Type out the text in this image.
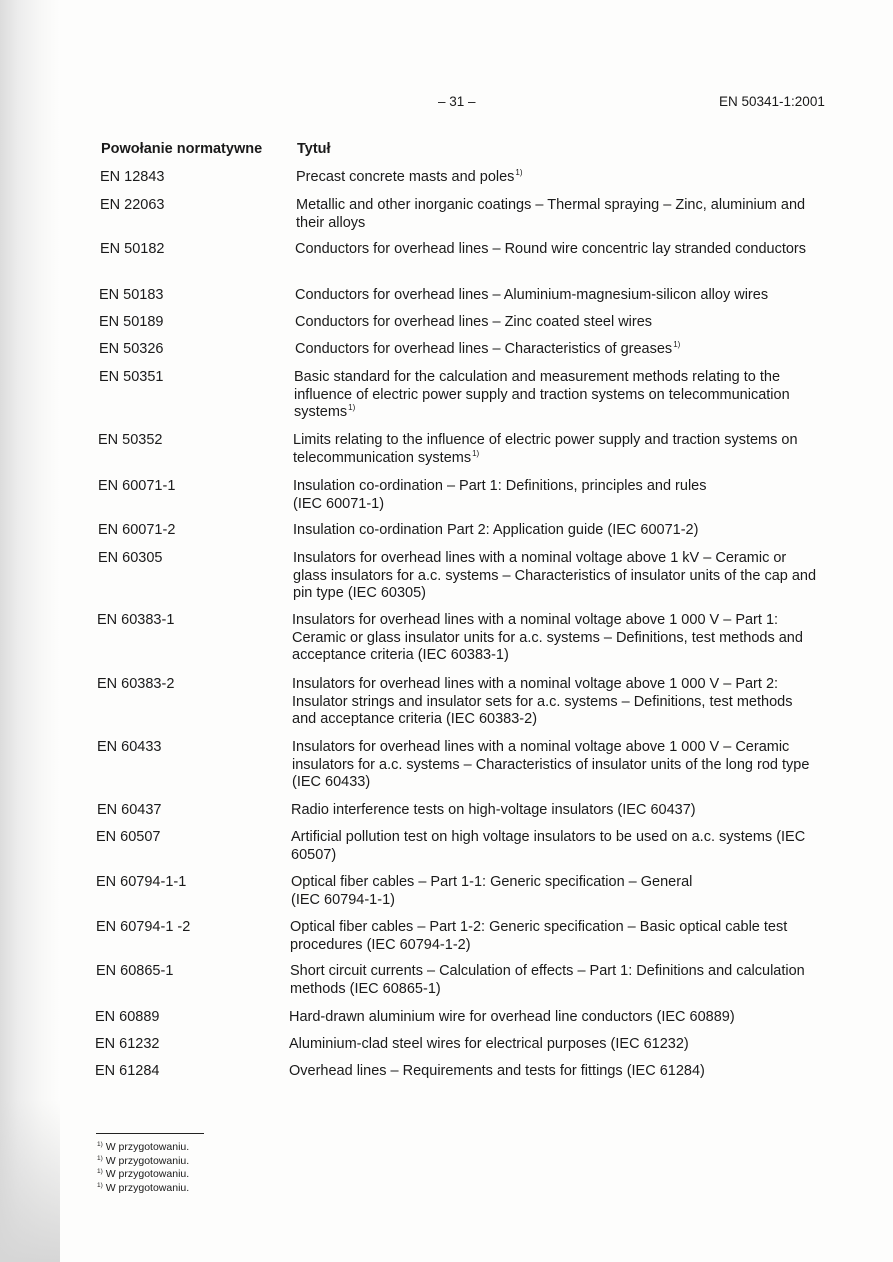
– 31 –	EN 50341-1:2001
Powołanie normatywne Tytuł
EN 12843	Precast concrete masts and poles$^{1)}$
EN 22063	Metallic and other inorganic coatings – Thermal spraying – Zinc, aluminium and their alloys
EN 50182	Conductors for overhead lines – Round wire concentric lay stranded conductors
EN 50183	Conductors for overhead lines – Aluminium-magnesium-silicon alloy wires
EN 50189	Conductors for overhead lines – Zinc coated steel wires
EN 50326	Conductors for overhead lines – Characteristics of greases$^{1)}$
EN 50351	Basic standard for the calculation and measurement methods relating to the influence of electric power supply and traction systems on telecommunication systems$^{1)}$
EN 50352	Limits relating to the influence of electric power supply and traction systems on telecommunication systems$^{1)}$
EN 60071-1	Insulation co-ordination – Part 1: Definitions, principles and rules (IEC 60071-1)
EN 60071-2	Insulation co-ordination Part 2: Application guide (IEC 60071-2)
EN 60305	Insulators for overhead lines with a nominal voltage above 1 kV – Ceramic or glass insulators for a.c. systems – Characteristics of insulator units of the cap and pin type (IEC 60305)
EN 60383-1	Insulators for overhead lines with a nominal voltage above 1 000 V – Part 1: Ceramic or glass insulator units for a.c. systems – Definitions, test methods and acceptance criteria (IEC 60383-1)
EN 60383-2	Insulators for overhead lines with a nominal voltage above 1 000 V – Part 2: Insulator strings and insulator sets for a.c. systems – Definitions, test methods and acceptance criteria (IEC 60383-2)
EN 60433	Insulators for overhead lines with a nominal voltage above 1 000 V – Ceramic insulators for a.c. systems – Characteristics of insulator units of the long rod type (IEC 60433)
EN 60437	Radio interference tests on high-voltage insulators (IEC 60437)
EN 60507	Artificial pollution test on high voltage insulators to be used on a.c. systems (IEC 60507)
EN 60794-1-1	Optical fiber cables – Part 1-1: Generic specification – General (IEC 60794-1-1)
EN 60794-1 -2	Optical fiber cables – Part 1-2: Generic specification – Basic optical cable test procedures (IEC 60794-1-2)
EN 60865-1	Short circuit currents – Calculation of effects – Part 1: Definitions and calculation methods (IEC 60865-1)
EN 60889	Hard-drawn aluminium wire for overhead line conductors (IEC 60889)
EN 61232	Aluminium-clad steel wires for electrical purposes (IEC 61232)
EN 61284	Overhead lines – Requirements and tests for fittings (IEC 61284)
$^{1)}$ W przygotowaniu.
$^{1)}$ W przygotowaniu.
$^{1)}$ W przygotowaniu.
$^{1)}$ W przygotowaniu.
